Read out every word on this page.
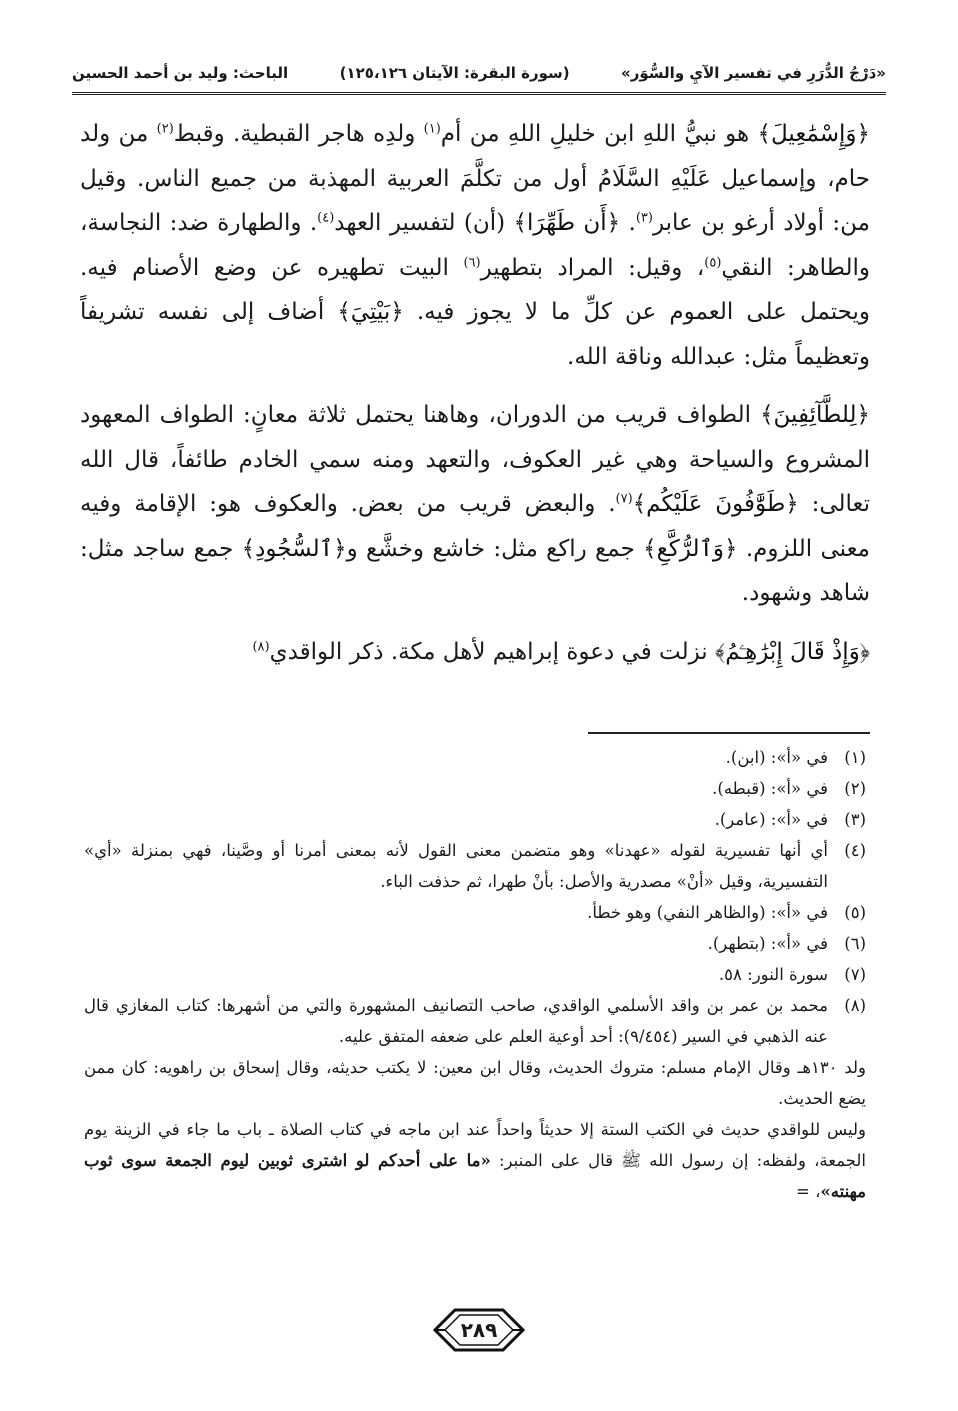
«دَرْجُ الدُّرَرِ في تفسير الآيِ والسُّوَر»
(سورة البقرة: الآيتان ١٢٥،١٢٦)
الباحث: وليد بن أحمد الحسين

﴿وَإِسْمَٰعِيلَ﴾ هو نبيُّ اللهِ ابن خليلِ اللهِ من أم$^{(١)}$ ولدِه هاجر القبطية. وقبط$^{(٢)}$ من ولد حام، وإسماعيل عَلَيْهِ السَّلَامُ أول من تكلَّمَ العربية المهذبة من جميع الناس. وقيل من: أولاد أرغو بن عابر$^{(٣)}$. ﴿أَن طَهِّرَا﴾ (أن) لتفسير العهد$^{(٤)}$. والطهارة ضد: النجاسة، والطاهر: النقي$^{(٥)}$، وقيل: المراد بتطهير$^{(٦)}$ البيت تطهيره عن وضع الأصنام فيه. ويحتمل على العموم عن كلِّ ما لا يجوز فيه. ﴿بَيْتِيَ﴾ أضاف إلى نفسه تشريفاً وتعظيماً مثل: عبدالله وناقة الله.

﴿لِلطَّآئِفِينَ﴾ الطواف قريب من الدوران، وهاهنا يحتمل ثلاثة معانٍ: الطواف المعهود المشروع والسياحة وهي غير العكوف، والتعهد ومنه سمي الخادم طائفاً، قال الله تعالى: ﴿طَوَّٰفُونَ عَلَيْكُم﴾$^{(٧)}$. والبعض قريب من بعض. والعكوف هو: الإقامة وفيه معنى اللزوم. ﴿وَٱلرُّكَّعِ﴾ جمع راكع مثل: خاشع وخشَّع و﴿ٱلسُّجُودِ﴾ جمع ساجد مثل: شاهد وشهود.

﴿وَإِذْ قَالَ إِبْرَٰهِـۧمُ﴾ نزلت في دعوة إبراهيم لأهل مكة. ذكر الواقدي$^{(٨)}$

(١)
في «أ»: (ابن).
(٢)
في «أ»: (قبطه).
(٣)
في «أ»: (عامر).
(٤)
أي أنها تفسيرية لقوله «عهدنا» وهو متضمن معنى القول لأنه بمعنى أمرنا أو وصَّينا، فهي بمنزلة «أي» التفسيرية، وقيل «أنْ» مصدرية والأصل: بأنْ طهرا، ثم حذفت الباء.
(٥)
في «أ»: (والظاهر النفي) وهو خطأ.
(٦)
في «أ»: (بتطهر).
(٧)
سورة النور: ٥٨.
(٨)
محمد بن عمر بن واقد الأسلمي الواقدي، صاحب التصانيف المشهورة والتي من أشهرها: كتاب المغازي قال عنه الذهبي في السير (٩/٤٥٤): أحد أوعية العلم على ضعفه المتفق عليه.
ولد ١٣٠هـ وقال الإمام مسلم: متروك الحديث، وقال ابن معين: لا يكتب حديثه، وقال إسحاق بن راهويه: كان ممن يضع الحديث.
وليس للواقدي حديث في الكتب الستة إلا حديثاً واحداً عند ابن ماجه في كتاب الصلاة ـ باب ما جاء في الزينة يوم الجمعة، ولفظه: إن رسول الله ﷺ قال على المنبر: «ما على أحدكم لو اشترى ثوبين ليوم الجمعة سوى ثوب مهنته»، =
٢٨٩
